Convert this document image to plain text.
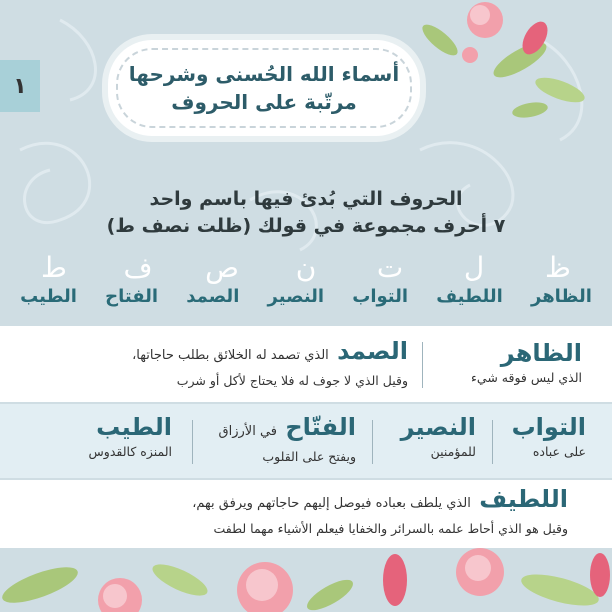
١	أسماء الله الحُسنى وشرحها
مرتّبة على الحروف
الحروف التي بُدئ فيها باسم واحد
٧ أحرف مجموعة في قولك (ظلت نصف ط)
ظ
ل
ت
ن
ص
ف
ط
الظاهر
اللطيف
التواب
النصير
الصمد
الفتاح
الطيب
الظاهر
الذي ليس فوقه شيء
الصمد الذي تصمد له الخلائق بطلب حاجاتها،
وقيل الذي لا جوف له فلا يحتاج لأكل أو شرب
التواب
على عباده
النصير
للمؤمنين
الفتّاح في الأرزاق
ويفتح على القلوب
الطيب
المنزه كالقدوس
اللطيف الذي يلطف بعباده فيوصل إليهم حاجاتهم ويرفق بهم،
وقيل هو الذي أحاط علمه بالسرائر والخفايا فيعلم الأشياء مهما لطفت
